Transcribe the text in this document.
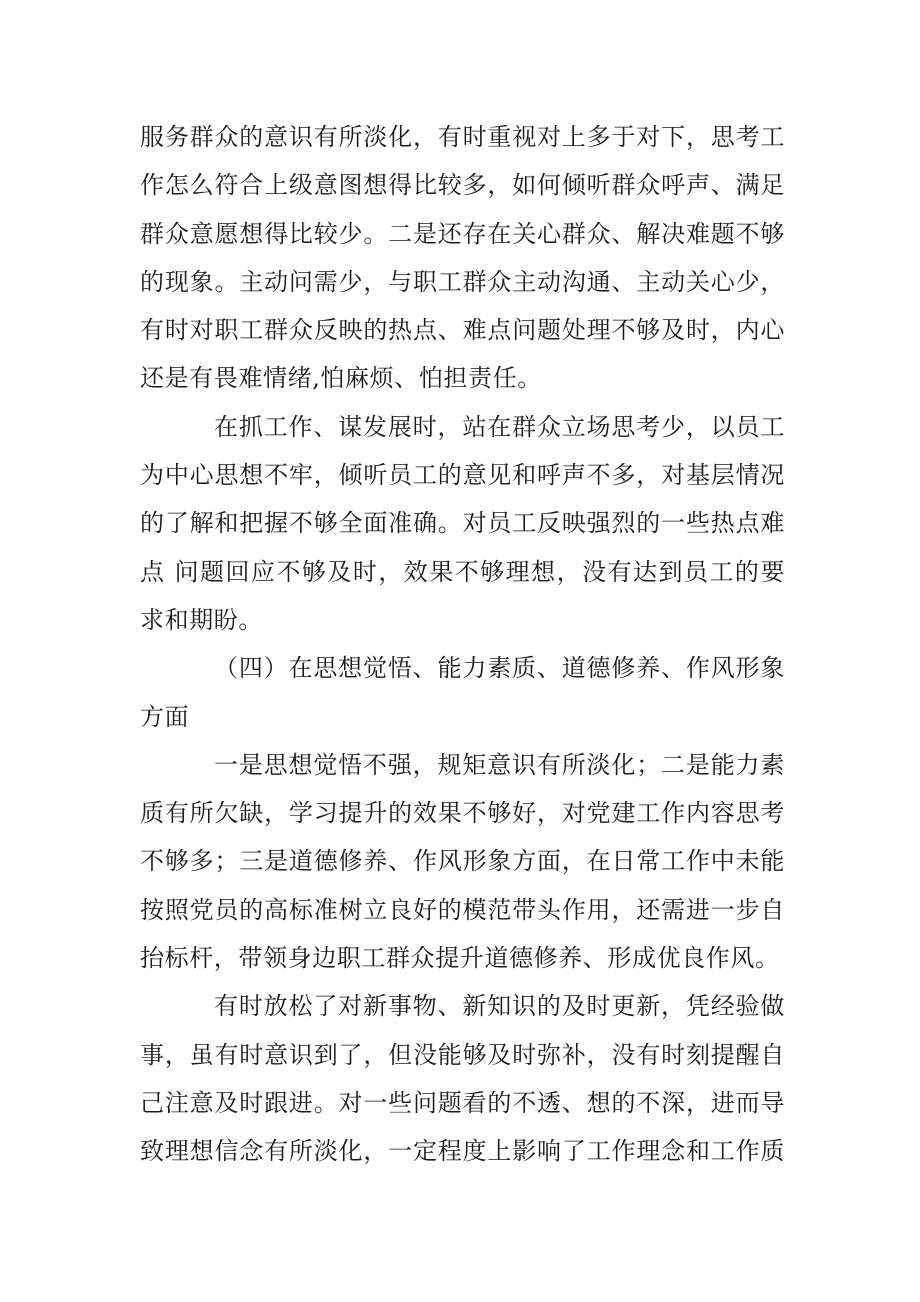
服务群众的意识有所淡化，有时重视对上多于对下，思考工
作怎么符合上级意图想得比较多，如何倾听群众呼声、满足
群众意愿想得比较少。二是还存在关心群众、解决难题不够
的现象。主动问需少，与职工群众主动沟通、主动关心少，
有时对职工群众反映的热点、难点问题处理不够及时，内心
还是有畏难情绪,怕麻烦、怕担责任。

在抓工作、谋发展时，站在群众立场思考少，以员工
为中心思想不牢，倾听员工的意见和呼声不多，对基层情况
的了解和把握不够全面准确。对员工反映强烈的一些热点难
点 问题回应不够及时，效果不够理想，没有达到员工的要
求和期盼。

（四）在思想觉悟、能力素质、道德修养、作风形象
方面

一是思想觉悟不强，规矩意识有所淡化；二是能力素
质有所欠缺，学习提升的效果不够好，对党建工作内容思考
不够多；三是道德修养、作风形象方面，在日常工作中未能
按照党员的高标准树立良好的模范带头作用，还需进一步自
抬标杆，带领身边职工群众提升道德修养、形成优良作风。

有时放松了对新事物、新知识的及时更新，凭经验做
事，虽有时意识到了，但没能够及时弥补，没有时刻提醒自
己注意及时跟进。对一些问题看的不透、想的不深，进而导
致理想信念有所淡化，一定程度上影响了工作理念和工作质
